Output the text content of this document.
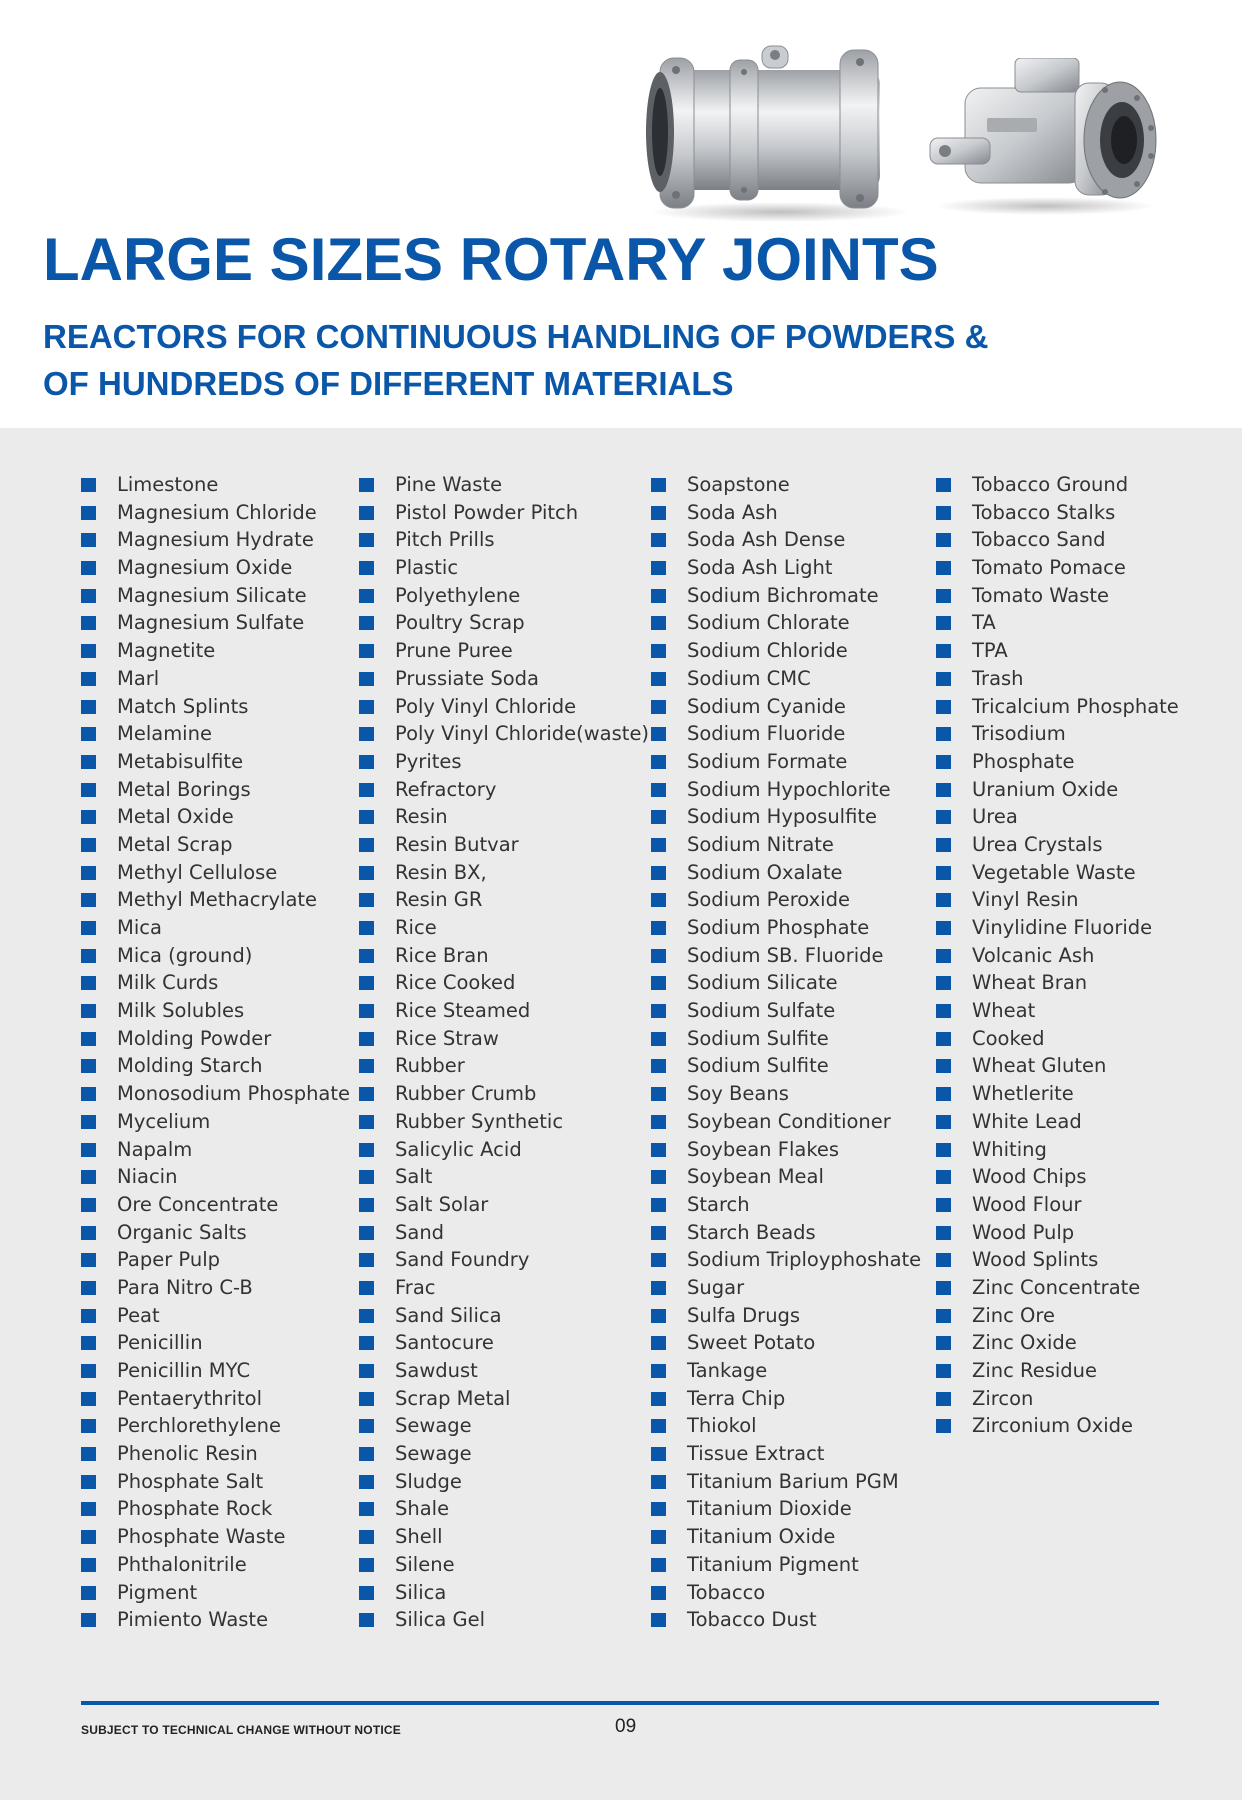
LARGE SIZES ROTARY JOINTS
REACTORS FOR CONTINUOUS HANDLING OF POWDERS &
OF HUNDREDS OF DIFFERENT MATERIALS
Limestone
Magnesium Chloride
Magnesium Hydrate
Magnesium Oxide
Magnesium Silicate
Magnesium Sulfate
Magnetite
Marl
Match Splints
Melamine
Metabisulfite
Metal Borings
Metal Oxide
Metal Scrap
Methyl Cellulose
Methyl Methacrylate
Mica
Mica (ground)
Milk Curds
Milk Solubles
Molding Powder
Molding Starch
Monosodium Phosphate
Mycelium
Napalm
Niacin
Ore Concentrate
Organic Salts
Paper Pulp
Para Nitro C-B
Peat
Penicillin
Penicillin MYC
Pentaerythritol
Perchlorethylene
Phenolic Resin
Phosphate Salt
Phosphate Rock
Phosphate Waste
Phthalonitrile
Pigment
Pimiento Waste
Pine Waste
Pistol Powder Pitch
Pitch Prills
Plastic
Polyethylene
Poultry Scrap
Prune Puree
Prussiate Soda
Poly Vinyl Chloride
Poly Vinyl Chloride(waste)
Pyrites
Refractory
Resin
Resin Butvar
Resin BX,
Resin GR
Rice
Rice Bran
Rice Cooked
Rice Steamed
Rice Straw
Rubber
Rubber Crumb
Rubber Synthetic
Salicylic Acid
Salt
Salt Solar
Sand
Sand Foundry
Frac
Sand Silica
Santocure
Sawdust
Scrap Metal
Sewage
Sewage
Sludge
Shale
Shell
Silene
Silica
Silica Gel
Soapstone
Soda Ash
Soda Ash Dense
Soda Ash Light
Sodium Bichromate
Sodium Chlorate
Sodium Chloride
Sodium CMC
Sodium Cyanide
Sodium Fluoride
Sodium Formate
Sodium Hypochlorite
Sodium Hyposulfite
Sodium Nitrate
Sodium Oxalate
Sodium Peroxide
Sodium Phosphate
Sodium SB. Fluoride
Sodium Silicate
Sodium Sulfate
Sodium Sulfite
Sodium Sulfite
Soy Beans
Soybean Conditioner
Soybean Flakes
Soybean Meal
Starch
Starch Beads
Sodium Triployphoshate
Sugar
Sulfa Drugs
Sweet Potato
Tankage
Terra Chip
Thiokol
Tissue Extract
Titanium Barium PGM
Titanium Dioxide
Titanium Oxide
Titanium Pigment
Tobacco
Tobacco Dust
Tobacco Ground
Tobacco Stalks
Tobacco Sand
Tomato Pomace
Tomato Waste
TA
TPA
Trash
Tricalcium Phosphate
Trisodium
Phosphate
Uranium Oxide
Urea
Urea Crystals
Vegetable Waste
Vinyl Resin
Vinylidine Fluoride
Volcanic Ash
Wheat Bran
Wheat
Cooked
Wheat Gluten
Whetlerite
White Lead
Whiting
Wood Chips
Wood Flour
Wood Pulp
Wood Splints
Zinc Concentrate
Zinc Ore
Zinc Oxide
Zinc Residue
Zircon
Zirconium Oxide
SUBJECT TO TECHNICAL CHANGE WITHOUT NOTICE	09
